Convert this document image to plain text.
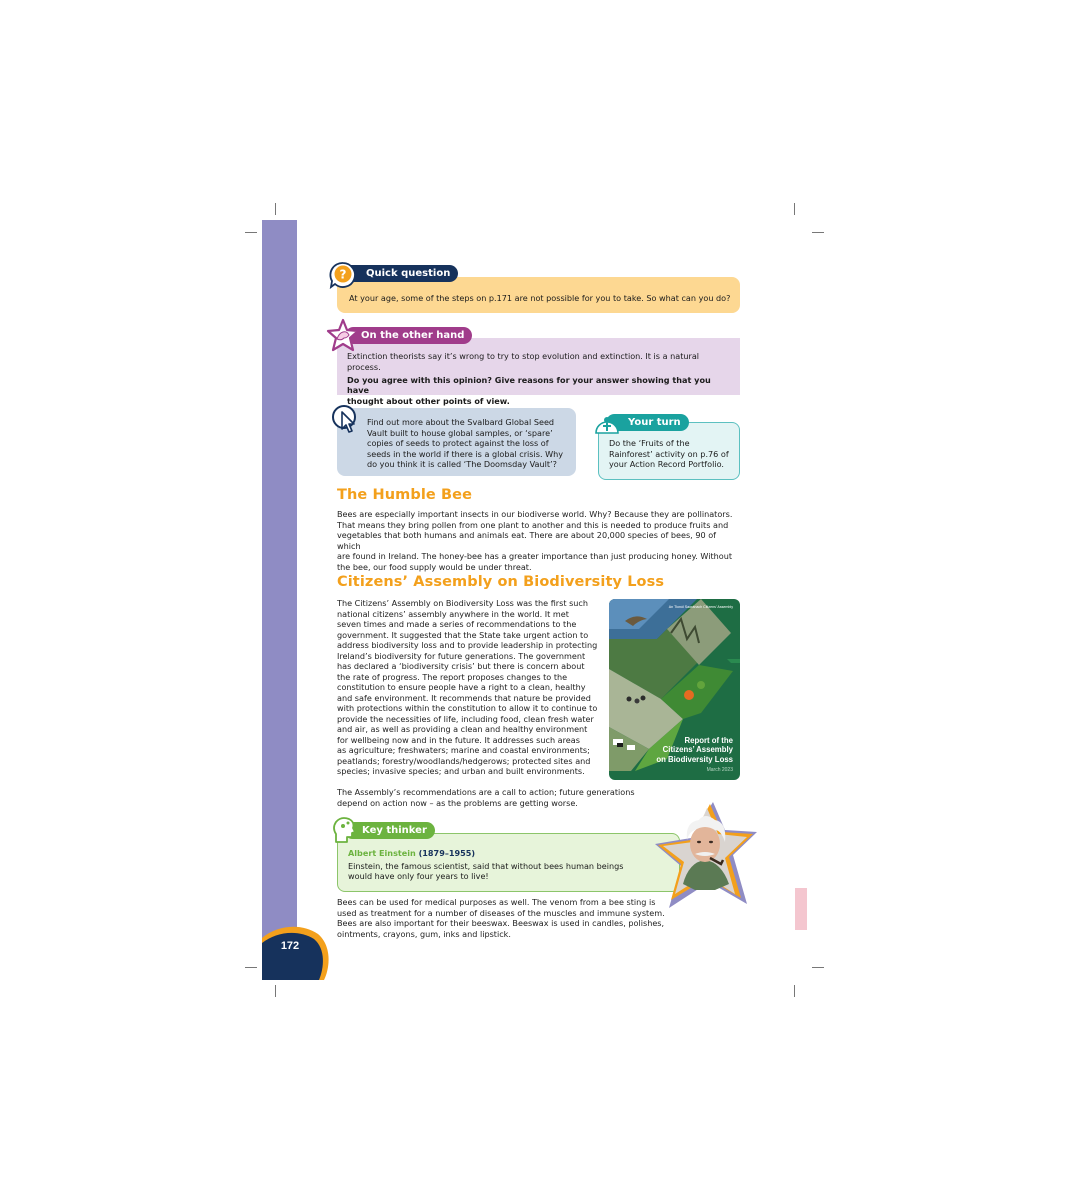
172
At your age, some of the steps on p.171 are not possible for you to take. So what can you do?
Quick question
?
Extinction theorists say it’s wrong to try to stop evolution and extinction. It is a natural process.
Do you agree with this opinion? Give reasons for your answer showing that you have
thought about other points of view.
On the other hand
Find out more about the Svalbard Global Seed
Vault built to house global samples, or ‘spare’
copies of seeds to protect against the loss of
seeds in the world if there is a global crisis. Why
do you think it is called ‘The Doomsday Vault’?
Do the ‘Fruits of the
Rainforest’ activity on p.76 of
your Action Record Portfolio.
Your turn
The Humble Bee
Bees are especially important insects in our biodiverse world. Why? Because they are pollinators.
That means they bring pollen from one plant to another and this is needed to produce fruits and
vegetables that both humans and animals eat. There are about 20,000 species of bees, 90 of which
are found in Ireland. The honey-bee has a greater importance than just producing honey. Without
the bee, our food supply would be under threat.
Citizens’ Assembly on Biodiversity Loss
The Citizens’ Assembly on Biodiversity Loss was the first such
national citizens’ assembly anywhere in the world. It met
seven times and made a series of recommendations to the
government. It suggested that the State take urgent action to
address biodiversity loss and to provide leadership in protecting
Ireland’s biodiversity for future generations. The government
has declared a ‘biodiversity crisis’ but there is concern about
the rate of progress. The report proposes changes to the
constitution to ensure people have a right to a clean, healthy
and safe environment. It recommends that nature be provided
with protections within the constitution to allow it to continue to
provide the necessities of life, including food, clean fresh water
and air, as well as providing a clean and healthy environment
for wellbeing now and in the future. It addresses such areas
as agriculture; freshwaters; marine and coastal environments;
peatlands; forestry/woodlands/hedgerows; protected sites and
species; invasive species; and urban and built environments.
The Assembly’s recommendations are a call to action; future generations
depend on action now – as the problems are getting worse.
An Tionól Saoránach Citizens’ Assembly
Report of the
Citizens’ Assembly
on Biodiversity Loss
March 2023
Albert Einstein (1879–1955)
Einstein, the famous scientist, said that without bees human beings
would have only four years to live!
Key thinker
Bees can be used for medical purposes as well. The venom from a bee sting is
used as treatment for a number of diseases of the muscles and immune system.
Bees are also important for their beeswax. Beeswax is used in candles, polishes,
ointments, crayons, gum, inks and lipstick.
